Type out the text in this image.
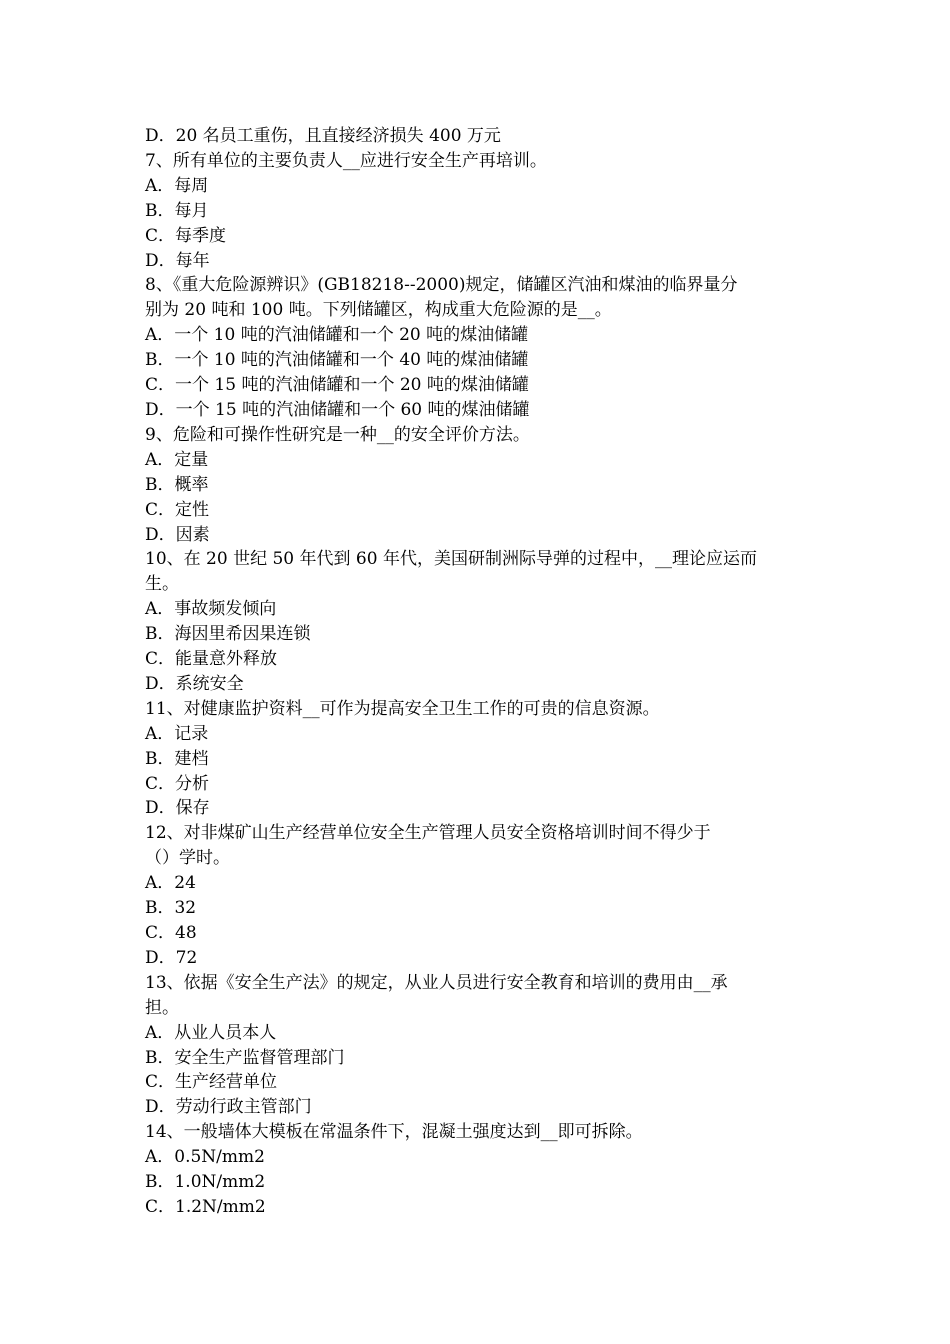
D．20 名员工重伤，且直接经济损失 400 万元

7、所有单位的主要负责人__应进行安全生产再培训。

A．每周

B．每月

C．每季度

D．每年

8、《重大危险源辨识》(GB18218--2000)规定，储罐区汽油和煤油的临界量分

别为 20 吨和 100 吨。下列储罐区，构成重大危险源的是__。

A．一个 10 吨的汽油储罐和一个 20 吨的煤油储罐

B．一个 10 吨的汽油储罐和一个 40 吨的煤油储罐

C．一个 15 吨的汽油储罐和一个 20 吨的煤油储罐

D．一个 15 吨的汽油储罐和一个 60 吨的煤油储罐

9、危险和可操作性研究是一种__的安全评价方法。

A．定量

B．概率

C．定性

D．因素

10、在 20 世纪 50 年代到 60 年代，美国研制洲际导弹的过程中，__理论应运而

生。

A．事故频发倾向

B．海因里希因果连锁

C．能量意外释放

D．系统安全

11、对健康监护资料__可作为提高安全卫生工作的可贵的信息资源。

A．记录

B．建档

C．分析

D．保存

12、对非煤矿山生产经营单位安全生产管理人员安全资格培训时间不得少于

（）学时。

A．24

B．32

C．48

D．72

13、依据《安全生产法》的规定，从业人员进行安全教育和培训的费用由__承

担。

A．从业人员本人

B．安全生产监督管理部门

C．生产经营单位

D．劳动行政主管部门

14、一般墙体大模板在常温条件下，混凝土强度达到__即可拆除。

A．0.5N/mm2

B．1.0N/mm2

C．1.2N/mm2
